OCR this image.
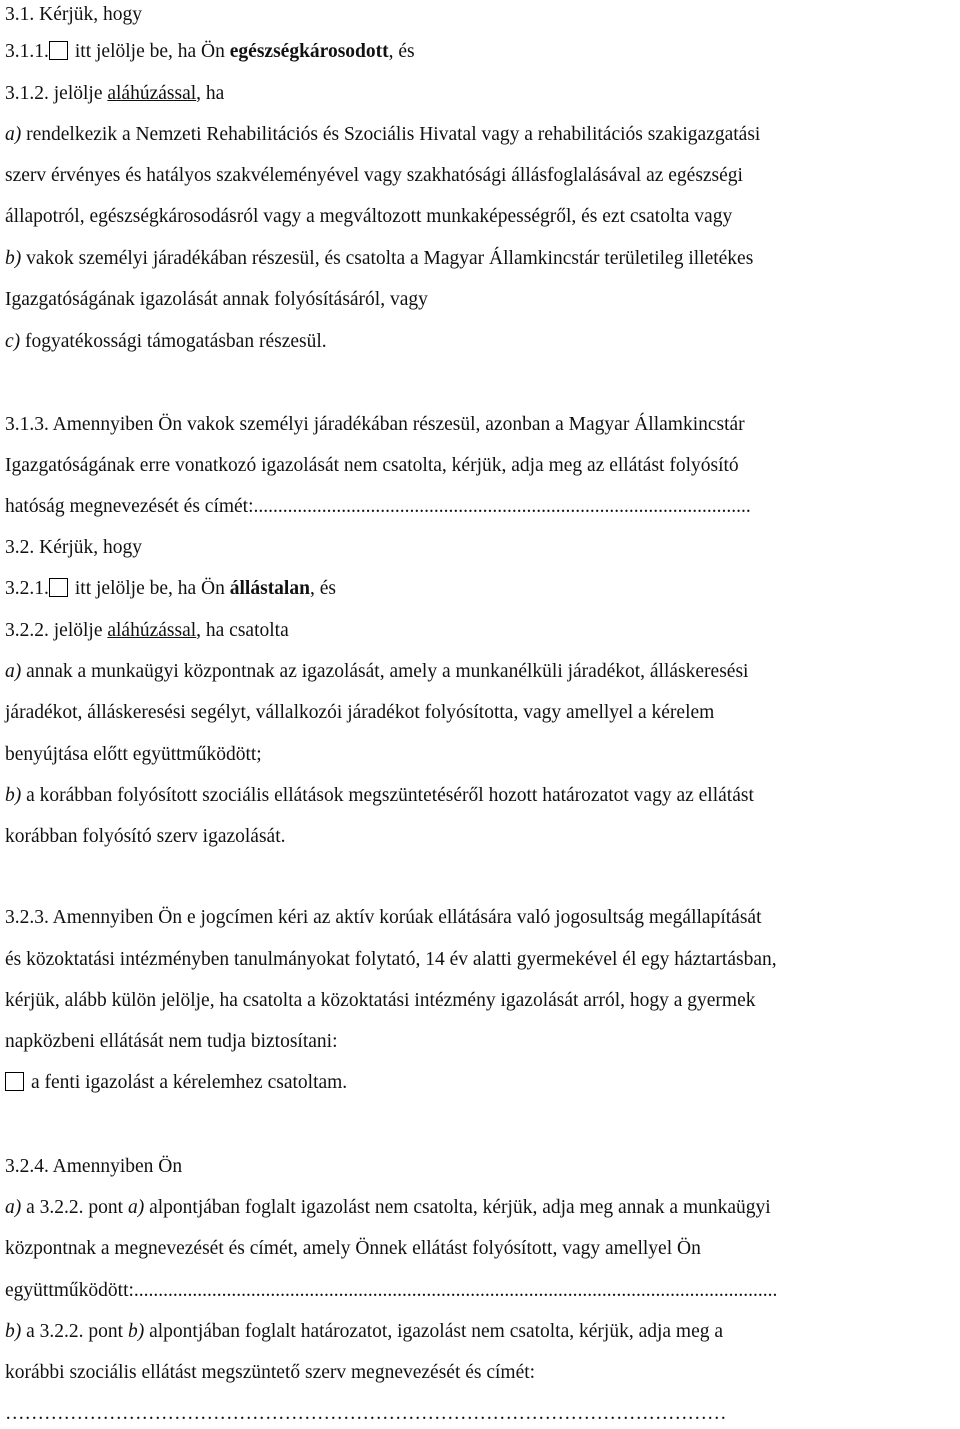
3.1. Kérjük, hogy
3.1.1. itt jelölje be, ha Ön egészségkárosodott, és
3.1.2. jelölje aláhúzással, ha
a) rendelkezik a Nemzeti Rehabilitációs és Szociális Hivatal vagy a rehabilitációs szakigazgatási
szerv érvényes és hatályos szakvéleményével vagy szakhatósági állásfoglalásával az egészségi
állapotról, egészségkárosodásról vagy a megváltozott munkaképességről, és ezt csatolta vagy
b) vakok személyi járadékában részesül, és csatolta a Magyar Államkincstár területileg illetékes
Igazgatóságának igazolását annak folyósításáról, vagy
c) fogyatékossági támogatásban részesül.
3.1.3. Amennyiben Ön vakok személyi járadékában részesül, azonban a Magyar Államkincstár
Igazgatóságának erre vonatkozó igazolását nem csatolta, kérjük, adja meg az ellátást folyósító
hatóság megnevezését és címét:......................................................................................................
3.2. Kérjük, hogy
3.2.1. itt jelölje be, ha Ön állástalan, és
3.2.2. jelölje aláhúzással, ha csatolta
a) annak a munkaügyi központnak az igazolását, amely a munkanélküli járadékot, álláskeresési
járadékot, álláskeresési segélyt, vállalkozói járadékot folyósította, vagy amellyel a kérelem
benyújtása előtt együttműködött;
b) a korábban folyósított szociális ellátások megszüntetéséről hozott határozatot vagy az ellátást
korábban folyósító szerv igazolását.
3.2.3. Amennyiben Ön e jogcímen kéri az aktív korúak ellátására való jogosultság megállapítását
és közoktatási intézményben tanulmányokat folytató, 14 év alatti gyermekével él egy háztartásban,
kérjük, alább külön jelölje, ha csatolta a közoktatási intézmény igazolását arról, hogy a gyermek
napközbeni ellátását nem tudja biztosítani:
a fenti igazolást a kérelemhez csatoltam.
3.2.4. Amennyiben Ön
a) a 3.2.2. pont a) alpontjában foglalt igazolást nem csatolta, kérjük, adja meg annak a munkaügyi
központnak a megnevezését és címét, amely Önnek ellátást folyósított, vagy amellyel Ön
együttműködött:....................................................................................................................................
b) a 3.2.2. pont b) alpontjában foglalt határozatot, igazolást nem csatolta, kérjük, adja meg a
korábbi szociális ellátást megszüntető szerv megnevezését és címét:
…………………………………………………………………………………………………
